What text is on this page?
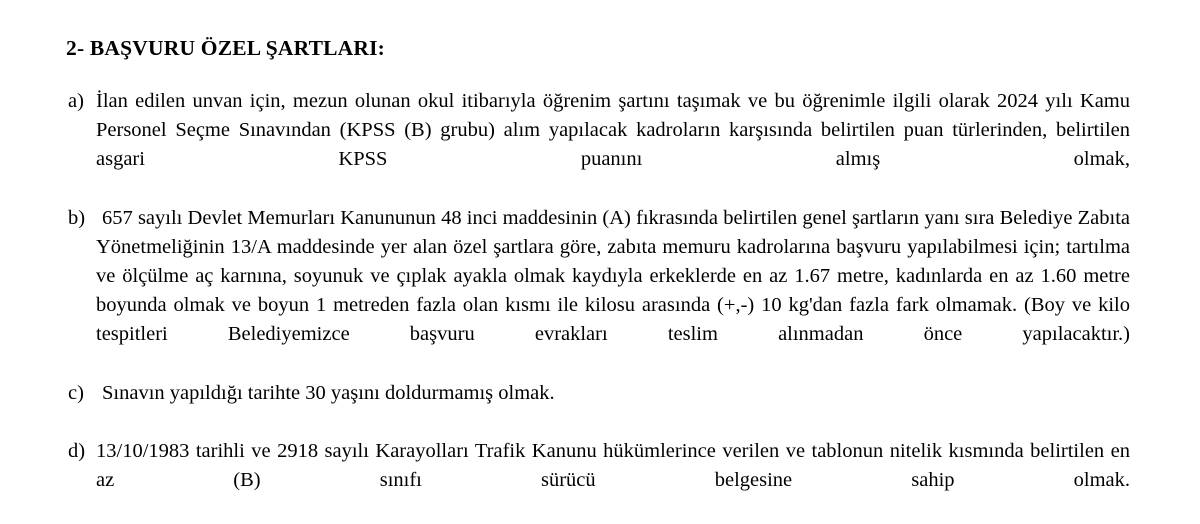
2- BAŞVURU ÖZEL ŞARTLARI:
a) İlan edilen unvan için, mezun olunan okul itibarıyla öğrenim şartını taşımak ve bu öğrenimle ilgili olarak 2024 yılı Kamu Personel Seçme Sınavından (KPSS (B) grubu) alım yapılacak kadroların karşısında belirtilen puan türlerinden, belirtilen asgari KPSS puanını almış olmak,
b) 657 sayılı Devlet Memurları Kanununun 48 inci maddesinin (A) fıkrasında belirtilen genel şartların yanı sıra Belediye Zabıta Yönetmeliğinin 13/A maddesinde yer alan özel şartlara göre, zabıta memuru kadrolarına başvuru yapılabilmesi için; tartılma ve ölçülme aç karnına, soyunuk ve çıplak ayakla olmak kaydıyla erkeklerde en az 1.67 metre, kadınlarda en az 1.60 metre boyunda olmak ve boyun 1 metreden fazla olan kısmı ile kilosu arasında (+,-) 10 kg'dan fazla fark olmamak. (Boy ve kilo tespitleri Belediyemizce başvuru evrakları teslim alınmadan önce yapılacaktır.)
c) Sınavın yapıldığı tarihte 30 yaşını doldurmamış olmak.
d) 13/10/1983 tarihli ve 2918 sayılı Karayolları Trafik Kanunu hükümlerince verilen ve tablonun nitelik kısmında belirtilen en az (B) sınıfı sürücü belgesine sahip olmak.
